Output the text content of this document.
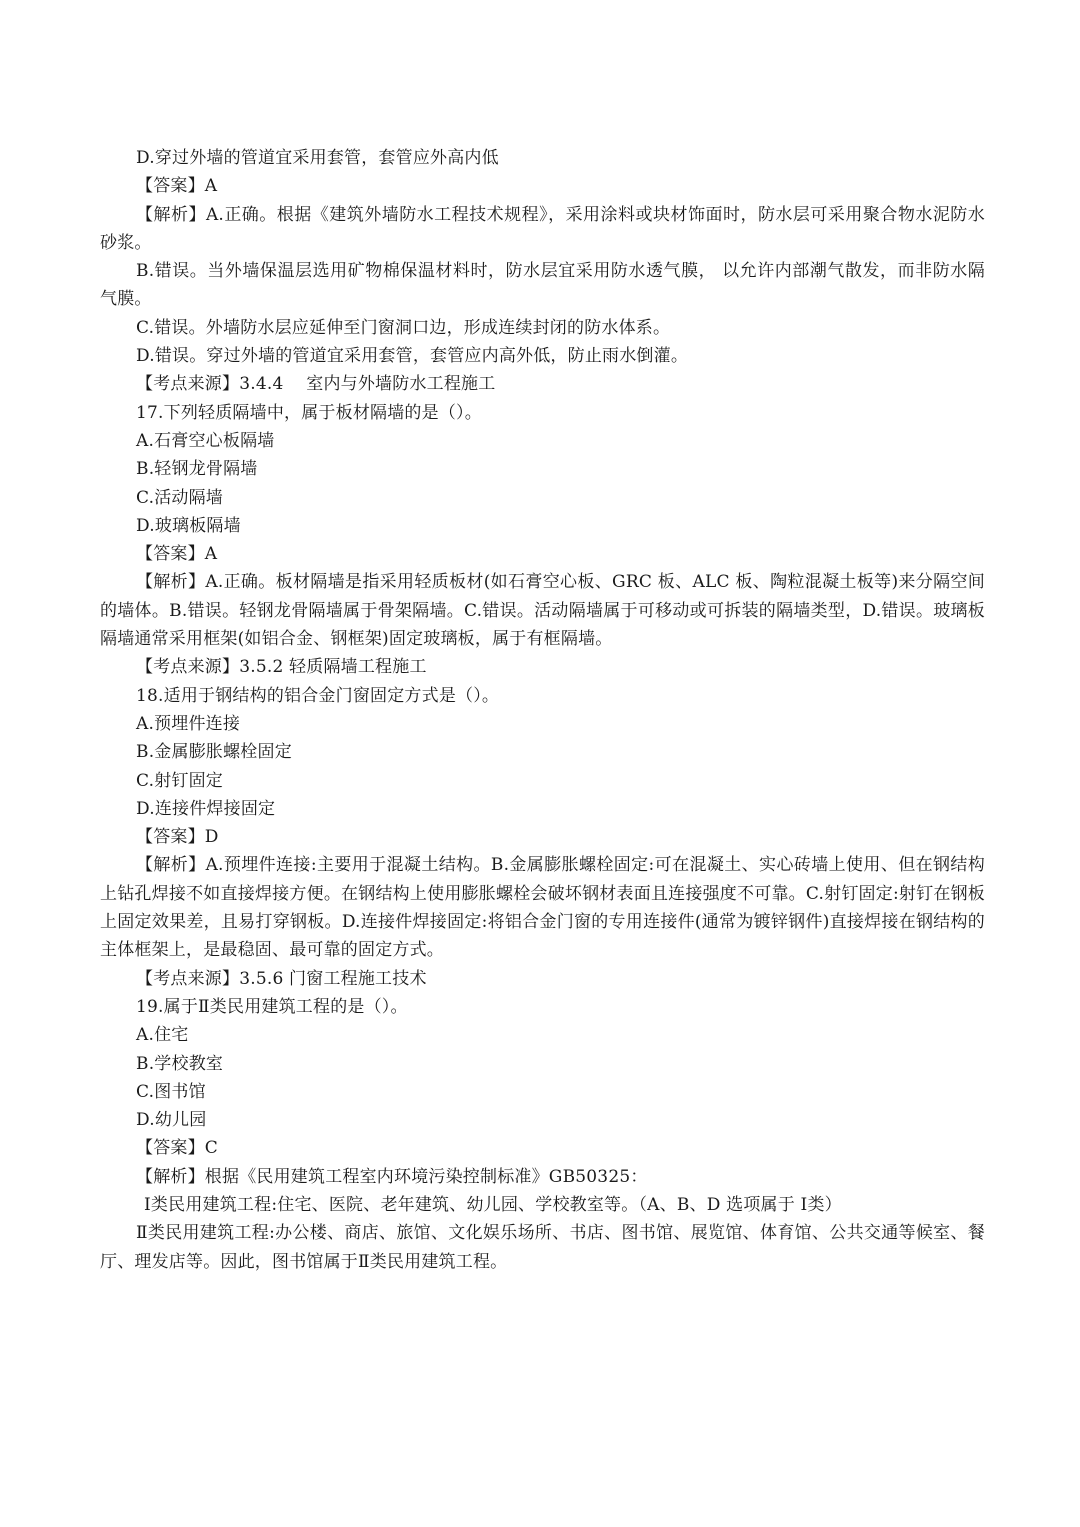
D.穿过外墙的管道宜采用套管，套管应外高内低
【答案】A
【解析】A.正确。根据《建筑外墙防水工程技术规程》，采用涂料或块材饰面时，防水层可采用聚合物水泥防水砂浆。
B.错误。当外墙保温层选用矿物棉保温材料时，防水层宜采用防水透气膜， 以允许内部潮气散发，而非防水隔气膜。
C.错误。外墙防水层应延伸至门窗洞口边，形成连续封闭的防水体系。
D.错误。穿过外墙的管道宜采用套管，套管应内高外低，防止雨水倒灌。
【考点来源】3.4.4　 室内与外墙防水工程施工
17.下列轻质隔墙中，属于板材隔墙的是（）。
A.石膏空心板隔墙
B.轻钢龙骨隔墙
C.活动隔墙
D.玻璃板隔墙
【答案】A
【解析】A.正确。板材隔墙是指采用轻质板材(如石膏空心板、GRC 板、ALC 板、陶粒混凝土板等)来分隔空间的墙体。B.错误。轻钢龙骨隔墙属于骨架隔墙。C.错误。活动隔墙属于可移动或可拆装的隔墙类型，D.错误。玻璃板隔墙通常采用框架(如铝合金、钢框架)固定玻璃板，属于有框隔墙。
【考点来源】3.5.2 轻质隔墙工程施工
18.适用于钢结构的铝合金门窗固定方式是（）。
A.预埋件连接
B.金属膨胀螺栓固定
C.射钉固定
D.连接件焊接固定
【答案】D
【解析】A.预埋件连接:主要用于混凝土结构。B.金属膨胀螺栓固定:可在混凝土、实心砖墙上使用、但在钢结构上钻孔焊接不如直接焊接方便。在钢结构上使用膨胀螺栓会破坏钢材表面且连接强度不可靠。C.射钉固定:射钉在钢板上固定效果差，且易打穿钢板。D.连接件焊接固定:将铝合金门窗的专用连接件(通常为镀锌钢件)直接焊接在钢结构的主体框架上，是最稳固、最可靠的固定方式。
【考点来源】3.5.6 门窗工程施工技术
19.属于Ⅱ类民用建筑工程的是（）。
A.住宅
B.学校教室
C.图书馆
D.幼儿园
【答案】C
【解析】根据《民用建筑工程室内环境污染控制标准》GB50325：
Ⅰ类民用建筑工程:住宅、医院、老年建筑、幼儿园、学校教室等。（A、B、D 选项属于 Ⅰ类）
Ⅱ类民用建筑工程:办公楼、商店、旅馆、文化娱乐场所、书店、图书馆、展览馆、体育馆、公共交通等候室、餐厅、理发店等。因此，图书馆属于Ⅱ类民用建筑工程。
